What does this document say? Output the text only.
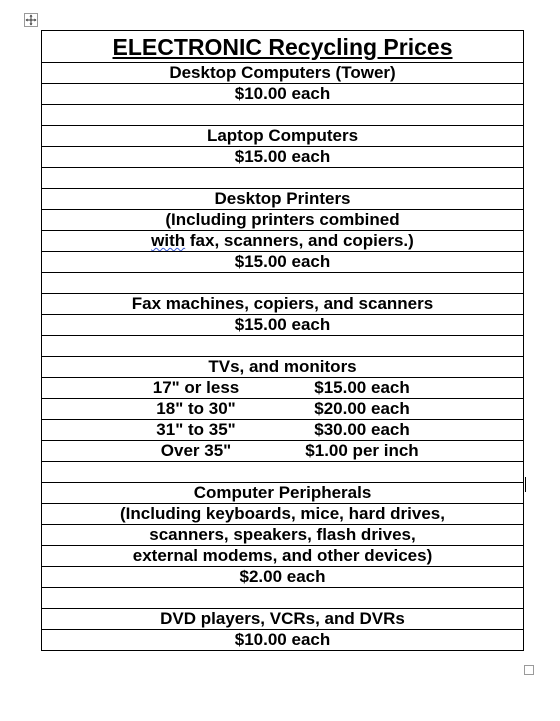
ELECTRONIC Recycling Prices
Desktop Computers (Tower)
$10.00 each

Laptop Computers
$15.00 each

Desktop Printers
(Including printers combined
with fax, scanners, and copiers.)
$15.00 each

Fax machines, copiers, and scanners
$15.00 each

TVs, and monitors

17" or less	$15.00 each

18" to 30"	$20.00 each

31" to 35"	$30.00 each

Over 35"	$1.00 per inch

Computer Peripherals
(Including keyboards, mice, hard drives,
scanners, speakers, flash drives,
external modems, and other devices)
$2.00 each

DVD players, VCRs, and DVRs
$10.00 each
